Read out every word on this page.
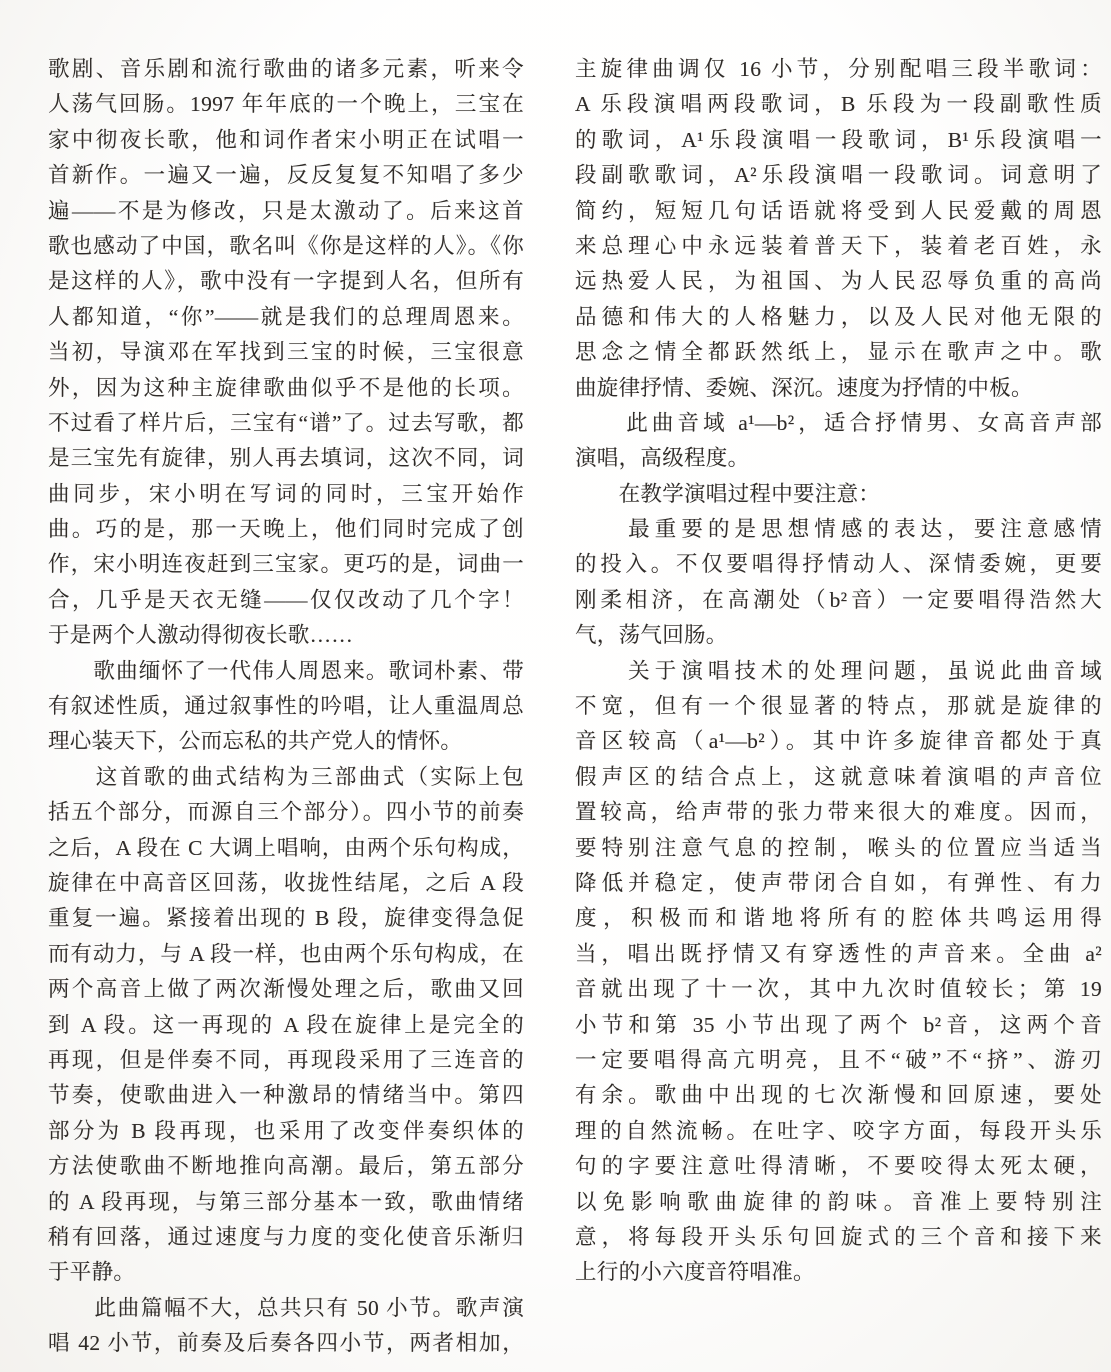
歌剧、音乐剧和流行歌曲的诸多元素，听来令
人荡气回肠。1997 年年底的一个晚上，三宝在
家中彻夜长歌，他和词作者宋小明正在试唱一
首新作。一遍又一遍，反反复复不知唱了多少
遍——不是为修改，只是太激动了。后来这首
歌也感动了中国，歌名叫《你是这样的人》。《你
是这样的人》，歌中没有一字提到人名，但所有
人都知道，“你”——就是我们的总理周恩来。
当初，导演邓在军找到三宝的时候，三宝很意
外，因为这种主旋律歌曲似乎不是他的长项。
不过看了样片后，三宝有“谱”了。过去写歌，都
是三宝先有旋律，别人再去填词，这次不同，词
曲同步，宋小明在写词的同时，三宝开始作
曲。巧的是，那一天晚上，他们同时完成了创
作，宋小明连夜赶到三宝家。更巧的是，词曲一
合，几乎是天衣无缝——仅仅改动了几个字！
于是两个人激动得彻夜长歌……
　　歌曲缅怀了一代伟人周恩来。歌词朴素、带
有叙述性质，通过叙事性的吟唱，让人重温周总
理心装天下，公而忘私的共产党人的情怀。
　　这首歌的曲式结构为三部曲式（实际上包
括五个部分，而源自三个部分）。四小节的前奏
之后，A 段在 C 大调上唱响，由两个乐句构成，
旋律在中高音区回荡，收拢性结尾，之后 A 段
重复一遍。紧接着出现的 B 段，旋律变得急促
而有动力，与 A 段一样，也由两个乐句构成，在
两个高音上做了两次渐慢处理之后，歌曲又回
到 A 段。这一再现的 A 段在旋律上是完全的
再现，但是伴奏不同，再现段采用了三连音的
节奏，使歌曲进入一种激昂的情绪当中。第四
部分为 B 段再现，也采用了改变伴奏织体的
方法使歌曲不断地推向高潮。最后，第五部分
的 A 段再现，与第三部分基本一致，歌曲情绪
稍有回落，通过速度与力度的变化使音乐渐归
于平静。
　　此曲篇幅不大，总共只有 50 小节。歌声演
唱 42 小节，前奏及后奏各四小节，两者相加，
主旋律曲调仅 16 小节，分别配唱三段半歌词：
A 乐段演唱两段歌词，B 乐段为一段副歌性质
的歌词，A¹乐段演唱一段歌词，B¹乐段演唱一
段副歌歌词，A²乐段演唱一段歌词。词意明了
简约，短短几句话语就将受到人民爱戴的周恩
来总理心中永远装着普天下，装着老百姓，永
远热爱人民，为祖国、为人民忍辱负重的高尚
品德和伟大的人格魅力，以及人民对他无限的
思念之情全都跃然纸上，显示在歌声之中。歌
曲旋律抒情、委婉、深沉。速度为抒情的中板。
　　此曲音域 a¹—b²，适合抒情男、女高音声部
演唱，高级程度。
　　在教学演唱过程中要注意：
　　最重要的是思想情感的表达，要注意感情
的投入。不仅要唱得抒情动人、深情委婉，更要
刚柔相济，在高潮处（b²音）一定要唱得浩然大
气，荡气回肠。
　　关于演唱技术的处理问题，虽说此曲音域
不宽，但有一个很显著的特点，那就是旋律的
音区较高（a¹—b²）。其中许多旋律音都处于真
假声区的结合点上，这就意味着演唱的声音位
置较高，给声带的张力带来很大的难度。因而，
要特别注意气息的控制，喉头的位置应当适当
降低并稳定，使声带闭合自如，有弹性、有力
度，积极而和谐地将所有的腔体共鸣运用得
当，唱出既抒情又有穿透性的声音来。全曲 a²
音就出现了十一次，其中九次时值较长；第 19
小节和第 35 小节出现了两个 b²音，这两个音
一定要唱得高亢明亮，且不“破”不“挤”、游刃
有余。歌曲中出现的七次渐慢和回原速，要处
理的自然流畅。在吐字、咬字方面，每段开头乐
句的字要注意吐得清晰，不要咬得太死太硬，
以免影响歌曲旋律的韵味。音准上要特别注
意，将每段开头乐句回旋式的三个音和接下来
上行的小六度音符唱准。
